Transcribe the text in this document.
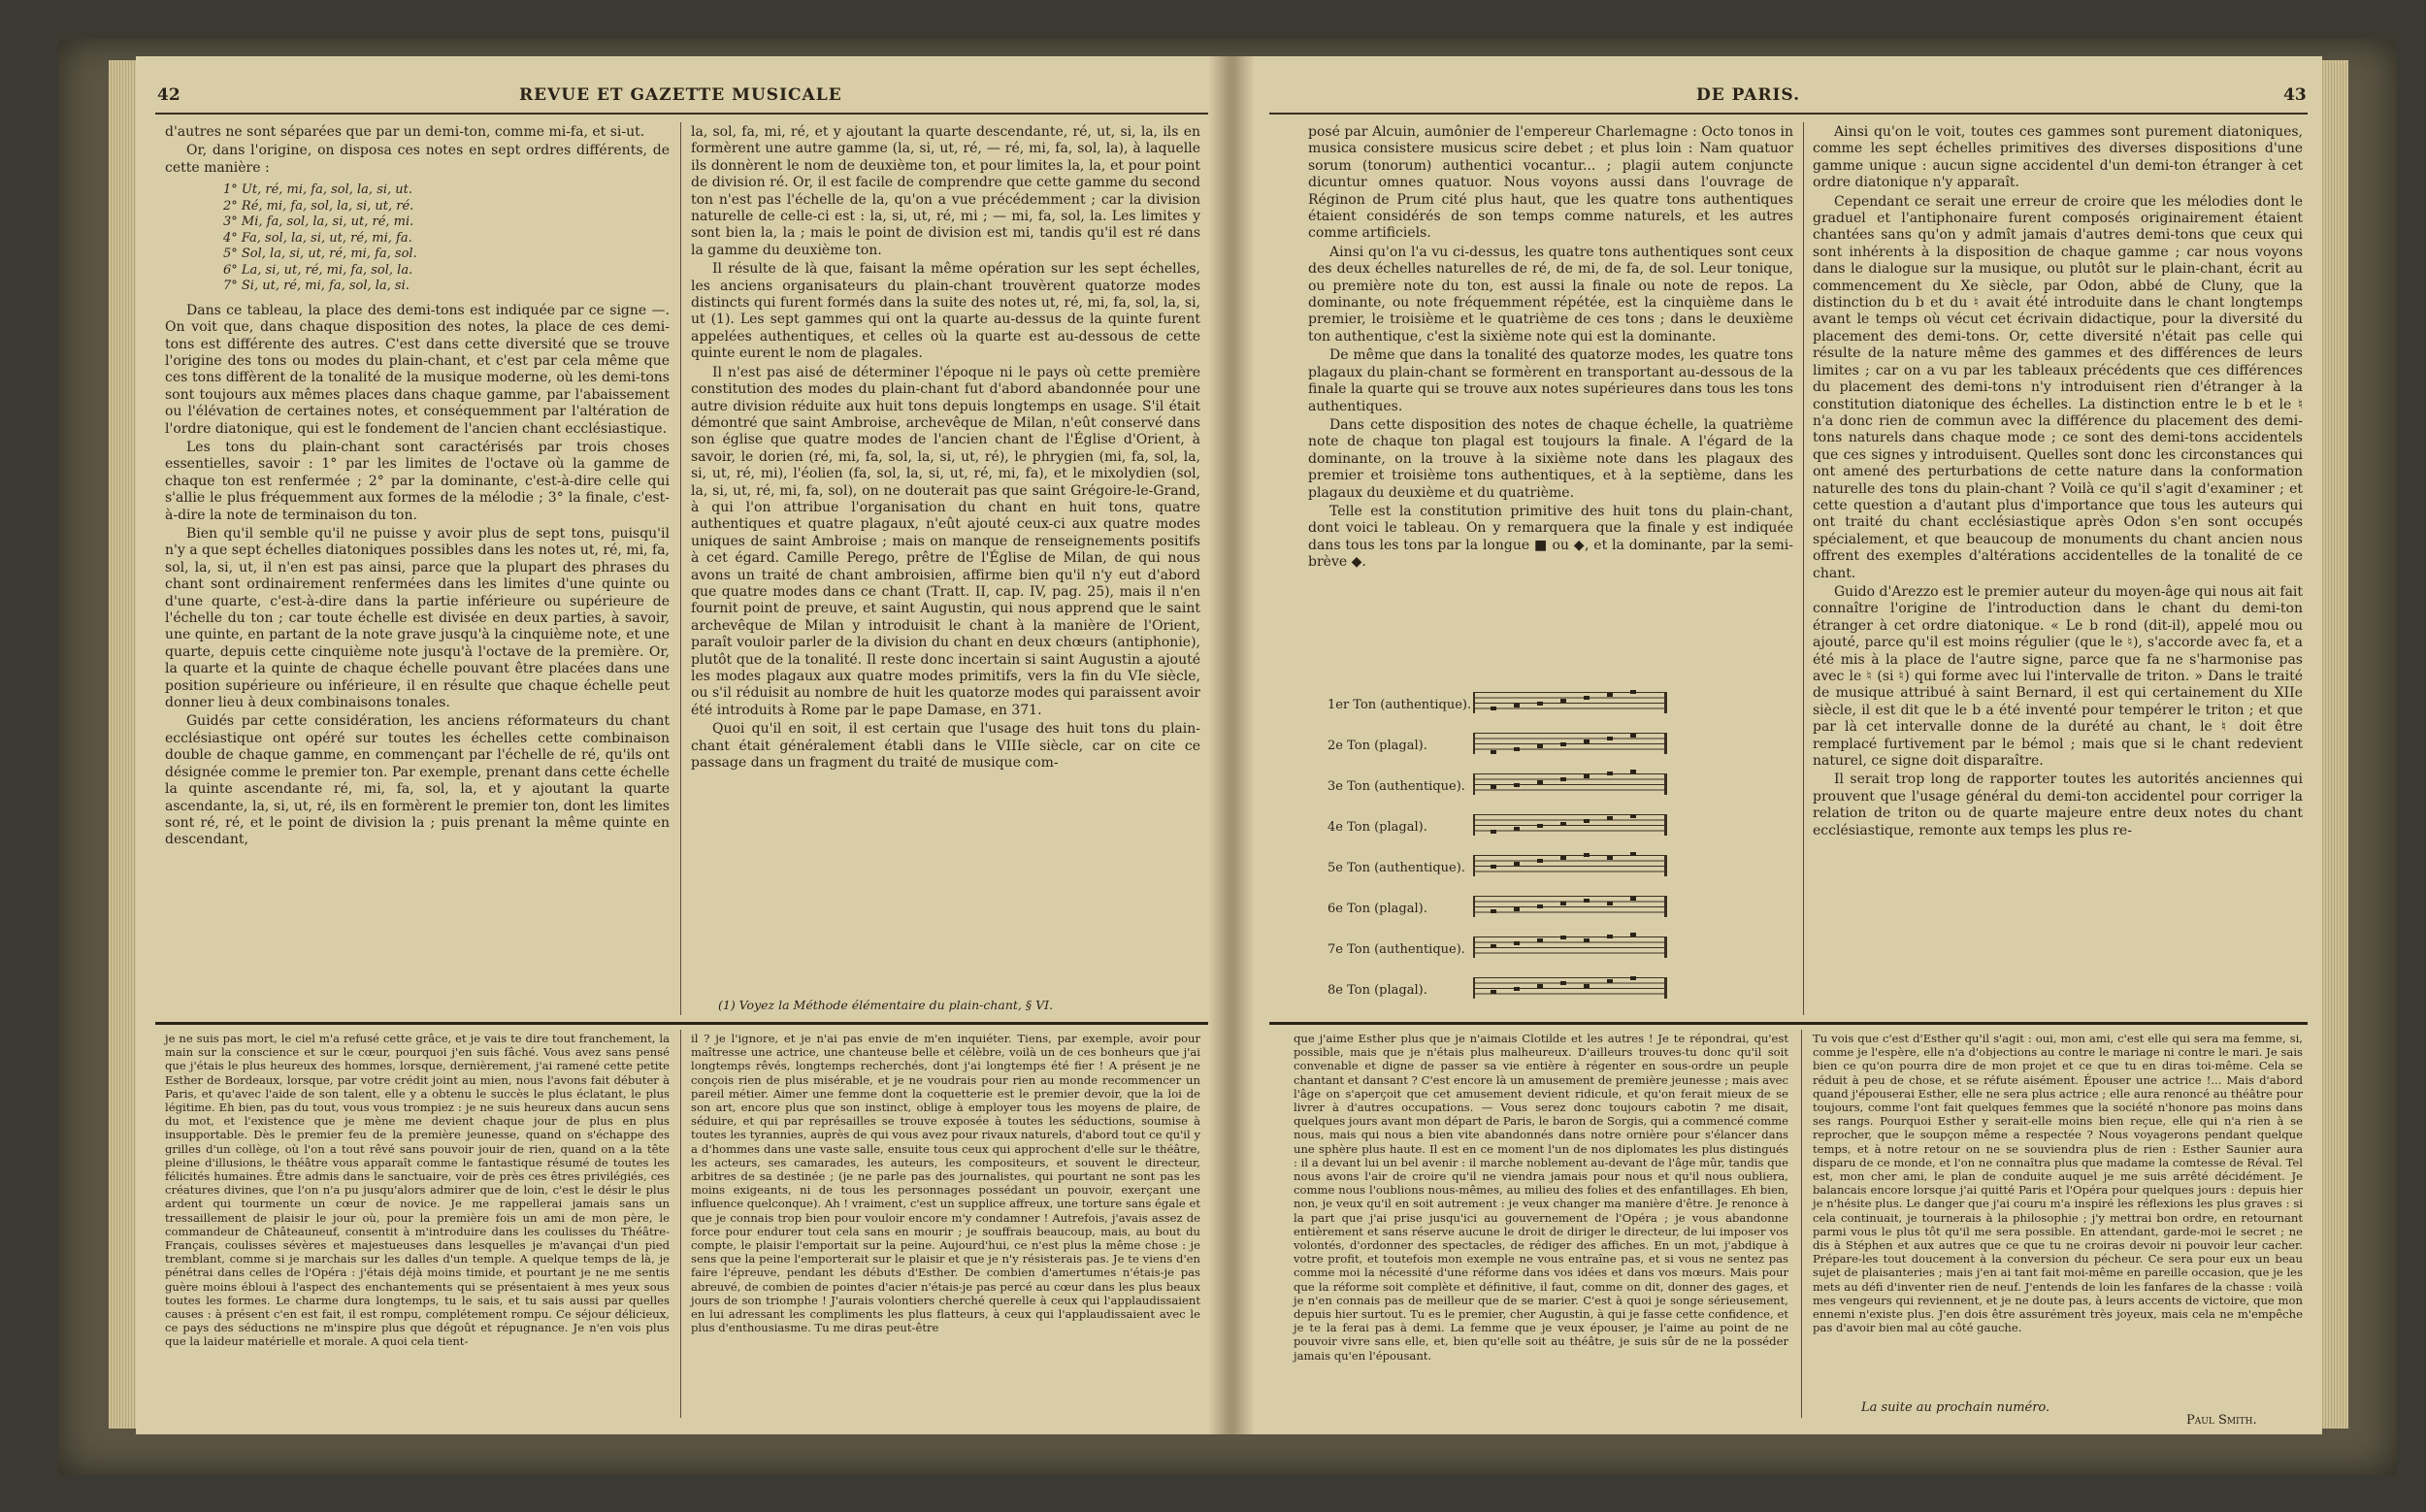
42	REVUE ET GAZETTE MUSICALE

d'autres ne sont séparées que par un demi-ton, comme mi-fa, et si-ut.

Or, dans l'origine, on disposa ces notes en sept ordres différents, de cette manière :

1° Ut, ré, mi, fa, sol, la, si, ut.
2° Ré, mi, fa, sol, la, si, ut, ré.
3° Mi, fa, sol, la, si, ut, ré, mi.
4° Fa, sol, la, si, ut, ré, mi, fa.
5° Sol, la, si, ut, ré, mi, fa, sol.
6° La, si, ut, ré, mi, fa, sol, la.
7° Si, ut, ré, mi, fa, sol, la, si.

Dans ce tableau, la place des demi-tons est indiquée par ce signe —. On voit que, dans chaque disposition des notes, la place de ces demi-tons est différente des autres. C'est dans cette diversité que se trouve l'origine des tons ou modes du plain-chant, et c'est par cela même que ces tons diffèrent de la tonalité de la musique moderne, où les demi-tons sont toujours aux mêmes places dans chaque gamme, par l'abaissement ou l'élévation de certaines notes, et conséquemment par l'altération de l'ordre diatonique, qui est le fondement de l'ancien chant ecclésiastique.

Les tons du plain-chant sont caractérisés par trois choses essentielles, savoir : 1° par les limites de l'octave où la gamme de chaque ton est renfermée ; 2° par la dominante, c'est-à-dire celle qui s'allie le plus fréquemment aux formes de la mélodie ; 3° la finale, c'est-à-dire la note de terminaison du ton.

Bien qu'il semble qu'il ne puisse y avoir plus de sept tons, puisqu'il n'y a que sept échelles diatoniques possibles dans les notes ut, ré, mi, fa, sol, la, si, ut, il n'en est pas ainsi, parce que la plupart des phrases du chant sont ordinairement renfermées dans les limites d'une quinte ou d'une quarte, c'est-à-dire dans la partie inférieure ou supérieure de l'échelle du ton ; car toute échelle est divisée en deux parties, à savoir, une quinte, en partant de la note grave jusqu'à la cinquième note, et une quarte, depuis cette cinquième note jusqu'à l'octave de la première. Or, la quarte et la quinte de chaque échelle pouvant être placées dans une position supérieure ou inférieure, il en résulte que chaque échelle peut donner lieu à deux combinaisons tonales.

Guidés par cette considération, les anciens réformateurs du chant ecclésiastique ont opéré sur toutes les échelles cette combinaison double de chaque gamme, en commençant par l'échelle de ré, qu'ils ont désignée comme le premier ton. Par exemple, prenant dans cette échelle la quinte ascendante ré, mi, fa, sol, la, et y ajoutant la quarte ascendante, la, si, ut, ré, ils en formèrent le premier ton, dont les limites sont ré, ré, et le point de division la ; puis prenant la même quinte en descendant,

la, sol, fa, mi, ré, et y ajoutant la quarte descendante, ré, ut, si, la, ils en formèrent une autre gamme (la, si, ut, ré, — ré, mi, fa, sol, la), à laquelle ils donnèrent le nom de deuxième ton, et pour limites la, la, et pour point de division ré. Or, il est facile de comprendre que cette gamme du second ton n'est pas l'échelle de la, qu'on a vue précédemment ; car la division naturelle de celle-ci est : la, si, ut, ré, mi ; — mi, fa, sol, la. Les limites y sont bien la, la ; mais le point de division est mi, tandis qu'il est ré dans la gamme du deuxième ton.

Il résulte de là que, faisant la même opération sur les sept échelles, les anciens organisateurs du plain-chant trouvèrent quatorze modes distincts qui furent formés dans la suite des notes ut, ré, mi, fa, sol, la, si, ut (1). Les sept gammes qui ont la quarte au-dessus de la quinte furent appelées authentiques, et celles où la quarte est au-dessous de cette quinte eurent le nom de plagales.

Il n'est pas aisé de déterminer l'époque ni le pays où cette première constitution des modes du plain-chant fut d'abord abandonnée pour une autre division réduite aux huit tons depuis longtemps en usage. S'il était démontré que saint Ambroise, archevêque de Milan, n'eût conservé dans son église que quatre modes de l'ancien chant de l'Église d'Orient, à savoir, le dorien (ré, mi, fa, sol, la, si, ut, ré), le phrygien (mi, fa, sol, la, si, ut, ré, mi), l'éolien (fa, sol, la, si, ut, ré, mi, fa), et le mixolydien (sol, la, si, ut, ré, mi, fa, sol), on ne douterait pas que saint Grégoire-le-Grand, à qui l'on attribue l'organisation du chant en huit tons, quatre authentiques et quatre plagaux, n'eût ajouté ceux-ci aux quatre modes uniques de saint Ambroise ; mais on manque de renseignements positifs à cet égard. Camille Perego, prêtre de l'Église de Milan, de qui nous avons un traité de chant ambroisien, affirme bien qu'il n'y eut d'abord que quatre modes dans ce chant (Tratt. II, cap. IV, pag. 25), mais il n'en fournit point de preuve, et saint Augustin, qui nous apprend que le saint archevêque de Milan y introduisit le chant à la manière de l'Orient, paraît vouloir parler de la division du chant en deux chœurs (antiphonie), plutôt que de la tonalité. Il reste donc incertain si saint Augustin a ajouté les modes plagaux aux quatre modes primitifs, vers la fin du VIe siècle, ou s'il réduisit au nombre de huit les quatorze modes qui paraissent avoir été introduits à Rome par le pape Damase, en 371.

Quoi qu'il en soit, il est certain que l'usage des huit tons du plain-chant était généralement établi dans le VIIIe siècle, car on cite ce passage dans un fragment du traité de musique com-

(1) Voyez la Méthode élémentaire du plain-chant, § VI.

je ne suis pas mort, le ciel m'a refusé cette grâce, et je vais te dire tout franchement, la main sur la conscience et sur le cœur, pourquoi j'en suis fâché. Vous avez sans pensé que j'étais le plus heureux des hommes, lorsque, dernièrement, j'ai ramené cette petite Esther de Bordeaux, lorsque, par votre crédit joint au mien, nous l'avons fait débuter à Paris, et qu'avec l'aide de son talent, elle y a obtenu le succès le plus éclatant, le plus légitime. Eh bien, pas du tout, vous vous trompiez : je ne suis heureux dans aucun sens du mot, et l'existence que je mène me devient chaque jour de plus en plus insupportable. Dès le premier feu de la première jeunesse, quand on s'échappe des grilles d'un collège, où l'on a tout rêvé sans pouvoir jouir de rien, quand on a la tête pleine d'illusions, le théâtre vous apparaît comme le fantastique résumé de toutes les félicités humaines. Être admis dans le sanctuaire, voir de près ces êtres privilégiés, ces créatures divines, que l'on n'a pu jusqu'alors admirer que de loin, c'est le désir le plus ardent qui tourmente un cœur de novice. Je me rappellerai jamais sans un tressaillement de plaisir le jour où, pour la première fois un ami de mon père, le commandeur de Châteauneuf, consentit à m'introduire dans les coulisses du Théâtre-Français, coulisses sévères et majestueuses dans lesquelles je m'avançai d'un pied tremblant, comme si je marchais sur les dalles d'un temple. A quelque temps de là, je pénétrai dans celles de l'Opéra : j'étais déjà moins timide, et pourtant je ne me sentis guère moins ébloui à l'aspect des enchantements qui se présentaient à mes yeux sous toutes les formes. Le charme dura longtemps, tu le sais, et tu sais aussi par quelles causes : à présent c'en est fait, il est rompu, complétement rompu. Ce séjour délicieux, ce pays des séductions ne m'inspire plus que dégoût et répugnance. Je n'en vois plus que la laideur matérielle et morale. A quoi cela tient-

il ? je l'ignore, et je n'ai pas envie de m'en inquiéter. Tiens, par exemple, avoir pour maîtresse une actrice, une chanteuse belle et célèbre, voilà un de ces bonheurs que j'ai longtemps rêvés, longtemps recherchés, dont j'ai longtemps été fier ! A présent je ne conçois rien de plus misérable, et je ne voudrais pour rien au monde recommencer un pareil métier. Aimer une femme dont la coquetterie est le premier devoir, que la loi de son art, encore plus que son instinct, oblige à employer tous les moyens de plaire, de séduire, et qui par représailles se trouve exposée à toutes les séductions, soumise à toutes les tyrannies, auprès de qui vous avez pour rivaux naturels, d'abord tout ce qu'il y a d'hommes dans une vaste salle, ensuite tous ceux qui approchent d'elle sur le théâtre, les acteurs, ses camarades, les auteurs, les compositeurs, et souvent le directeur, arbitres de sa destinée ; (je ne parle pas des journalistes, qui pourtant ne sont pas les moins exigeants, ni de tous les personnages possédant un pouvoir, exerçant une influence quelconque). Ah ! vraiment, c'est un supplice affreux, une torture sans égale et que je connais trop bien pour vouloir encore m'y condamner ! Autrefois, j'avais assez de force pour endurer tout cela sans en mourir ; je souffrais beaucoup, mais, au bout du compte, le plaisir l'emportait sur la peine. Aujourd'hui, ce n'est plus la même chose : je sens que la peine l'emporterait sur le plaisir et que je n'y résisterais pas. Je te viens d'en faire l'épreuve, pendant les débuts d'Esther. De combien d'amertumes n'étais-je pas abreuvé, de combien de pointes d'acier n'étais-je pas percé au cœur dans les plus beaux jours de son triomphe ! J'aurais volontiers cherché querelle à ceux qui l'applaudissaient en lui adressant les compliments les plus flatteurs, à ceux qui l'applaudissaient avec le plus d'enthousiasme. Tu me diras peut-être

DE PARIS.	43

posé par Alcuin, aumônier de l'empereur Charlemagne : Octo tonos in musica consistere musicus scire debet ; et plus loin : Nam quatuor sorum (tonorum) authentici vocantur... ; plagii autem conjuncte dicuntur omnes quatuor. Nous voyons aussi dans l'ouvrage de Réginon de Prum cité plus haut, que les quatre tons authentiques étaient considérés de son temps comme naturels, et les autres comme artificiels.

Ainsi qu'on l'a vu ci-dessus, les quatre tons authentiques sont ceux des deux échelles naturelles de ré, de mi, de fa, de sol. Leur tonique, ou première note du ton, est aussi la finale ou note de repos. La dominante, ou note fréquemment répétée, est la cinquième dans le premier, le troisième et le quatrième de ces tons ; dans le deuxième ton authentique, c'est la sixième note qui est la dominante.

De même que dans la tonalité des quatorze modes, les quatre tons plagaux du plain-chant se formèrent en transportant au-dessous de la finale la quarte qui se trouve aux notes supérieures dans tous les tons authentiques.

Dans cette disposition des notes de chaque échelle, la quatrième note de chaque ton plagal est toujours la finale. A l'égard de la dominante, on la trouve à la sixième note dans les plagaux des premier et troisième tons authentiques, et à la septième, dans les plagaux du deuxième et du quatrième.

Telle est la constitution primitive des huit tons du plain-chant, dont voici le tableau. On y remarquera que la finale y est indiquée dans tous les tons par la longue ■ ou ◆, et la dominante, par la semi-brève ◆.

1er Ton (authentique).
2e Ton (plagal).
3e Ton (authentique).
4e Ton (plagal).
5e Ton (authentique).
6e Ton (plagal).
7e Ton (authentique).
8e Ton (plagal).

Ainsi qu'on le voit, toutes ces gammes sont purement diatoniques, comme les sept échelles primitives des diverses dispositions d'une gamme unique : aucun signe accidentel d'un demi-ton étranger à cet ordre diatonique n'y apparaît.

Cependant ce serait une erreur de croire que les mélodies dont le graduel et l'antiphonaire furent composés originairement étaient chantées sans qu'on y admît jamais d'autres demi-tons que ceux qui sont inhérents à la disposition de chaque gamme ; car nous voyons dans le dialogue sur la musique, ou plutôt sur le plain-chant, écrit au commencement du Xe siècle, par Odon, abbé de Cluny, que la distinction du b et du ♮ avait été introduite dans le chant longtemps avant le temps où vécut cet écrivain didactique, pour la diversité du placement des demi-tons. Or, cette diversité n'était pas celle qui résulte de la nature même des gammes et des différences de leurs limites ; car on a vu par les tableaux précédents que ces différences du placement des demi-tons n'y introduisent rien d'étranger à la constitution diatonique des échelles. La distinction entre le b et le ♮ n'a donc rien de commun avec la différence du placement des demi-tons naturels dans chaque mode ; ce sont des demi-tons accidentels que ces signes y introduisent. Quelles sont donc les circonstances qui ont amené des perturbations de cette nature dans la conformation naturelle des tons du plain-chant ? Voilà ce qu'il s'agit d'examiner ; et cette question a d'autant plus d'importance que tous les auteurs qui ont traité du chant ecclésiastique après Odon s'en sont occupés spécialement, et que beaucoup de monuments du chant ancien nous offrent des exemples d'altérations accidentelles de la tonalité de ce chant.

Guido d'Arezzo est le premier auteur du moyen-âge qui nous ait fait connaître l'origine de l'introduction dans le chant du demi-ton étranger à cet ordre diatonique. « Le b rond (dit-il), appelé mou ou ajouté, parce qu'il est moins régulier (que le ♮), s'accorde avec fa, et a été mis à la place de l'autre signe, parce que fa ne s'harmonise pas avec le ♮ (si ♮) qui forme avec lui l'intervalle de triton. » Dans le traité de musique attribué à saint Bernard, il est qui certainement du XIIe siècle, il est dit que le b a été inventé pour tempérer le triton ; et que par là cet intervalle donne de la durété au chant, le ♮ doit être remplacé furtivement par le bémol ; mais que si le chant redevient naturel, ce signe doit disparaître.

Il serait trop long de rapporter toutes les autorités anciennes qui prouvent que l'usage général du demi-ton accidentel pour corriger la relation de triton ou de quarte majeure entre deux notes du chant ecclésiastique, remonte aux temps les plus re-

que j'aime Esther plus que je n'aimais Clotilde et les autres ! Je te répondrai, qu'est possible, mais que je n'étais plus malheureux. D'ailleurs trouves-tu donc qu'il soit convenable et digne de passer sa vie entière à régenter en sous-ordre un peuple chantant et dansant ? C'est encore là un amusement de première jeunesse ; mais avec l'âge on s'aperçoit que cet amusement devient ridicule, et qu'on ferait mieux de se livrer à d'autres occupations. — Vous serez donc toujours cabotin ? me disait, quelques jours avant mon départ de Paris, le baron de Sorgis, qui a commencé comme nous, mais qui nous a bien vite abandonnés dans notre ornière pour s'élancer dans une sphère plus haute. Il est en ce moment l'un de nos diplomates les plus distingués : il a devant lui un bel avenir : il marche noblement au-devant de l'âge mûr, tandis que nous avons l'air de croire qu'il ne viendra jamais pour nous et qu'il nous oubliera, comme nous l'oublions nous-mêmes, au milieu des folies et des enfantillages. Eh bien, non, je veux qu'il en soit autrement : je veux changer ma manière d'être. Je renonce à la part que j'ai prise jusqu'ici au gouvernement de l'Opéra ; je vous abandonne entièrement et sans réserve aucune le droit de diriger le directeur, de lui imposer vos volontés, d'ordonner des spectacles, de rédiger des affiches. En un mot, j'abdique à votre profit, et toutefois mon exemple ne vous entraîne pas, et si vous ne sentez pas comme moi la nécessité d'une réforme dans vos idées et dans vos mœurs. Mais pour que la réforme soit complète et définitive, il faut, comme on dit, donner des gages, et je n'en connais pas de meilleur que de se marier. C'est à quoi je songe sérieusement, depuis hier surtout. Tu es le premier, cher Augustin, à qui je fasse cette confidence, et je te la ferai pas à demi. La femme que je veux épouser, je l'aime au point de ne pouvoir vivre sans elle, et, bien qu'elle soit au théâtre, je suis sûr de ne la posséder jamais qu'en l'épousant.

Tu vois que c'est d'Esther qu'il s'agit : oui, mon ami, c'est elle qui sera ma femme, si, comme je l'espère, elle n'a d'objections au contre le mariage ni contre le mari. Je sais bien ce qu'on pourra dire de mon projet et ce que tu en diras toi-même. Cela se réduit à peu de chose, et se réfute aisément. Épouser une actrice !... Mais d'abord quand j'épouserai Esther, elle ne sera plus actrice ; elle aura renoncé au théâtre pour toujours, comme l'ont fait quelques femmes que la société n'honore pas moins dans ses rangs. Pourquoi Esther y serait-elle moins bien reçue, elle qui n'a rien à se reprocher, que le soupçon même a respectée ? Nous voyagerons pendant quelque temps, et à notre retour on ne se souviendra plus de rien : Esther Saunier aura disparu de ce monde, et l'on ne connaîtra plus que madame la comtesse de Réval. Tel est, mon cher ami, le plan de conduite auquel je me suis arrêté décidément. Je balancais encore lorsque j'ai quitté Paris et l'Opéra pour quelques jours : depuis hier je n'hésite plus. Le danger que j'ai couru m'a inspiré les réflexions les plus graves : si cela continuait, je tournerais à la philosophie ; j'y mettrai bon ordre, en retournant parmi vous le plus tôt qu'il me sera possible. En attendant, garde-moi le secret ; ne dis à Stéphen et aux autres que ce que tu ne croiras devoir ni pouvoir leur cacher. Prépare-les tout doucement à la conversion du pécheur. Ce sera pour eux un beau sujet de plaisanteries ; mais j'en ai tant fait moi-même en pareille occasion, que je les mets au défi d'inventer rien de neuf. J'entends de loin les fanfares de la chasse : voilà mes vengeurs qui reviennent, et je ne doute pas, à leurs accents de victoire, que mon ennemi n'existe plus. J'en dois être assurément très joyeux, mais cela ne m'empêche pas d'avoir bien mal au côté gauche.

La suite au prochain numéro.
Paul Smith.
